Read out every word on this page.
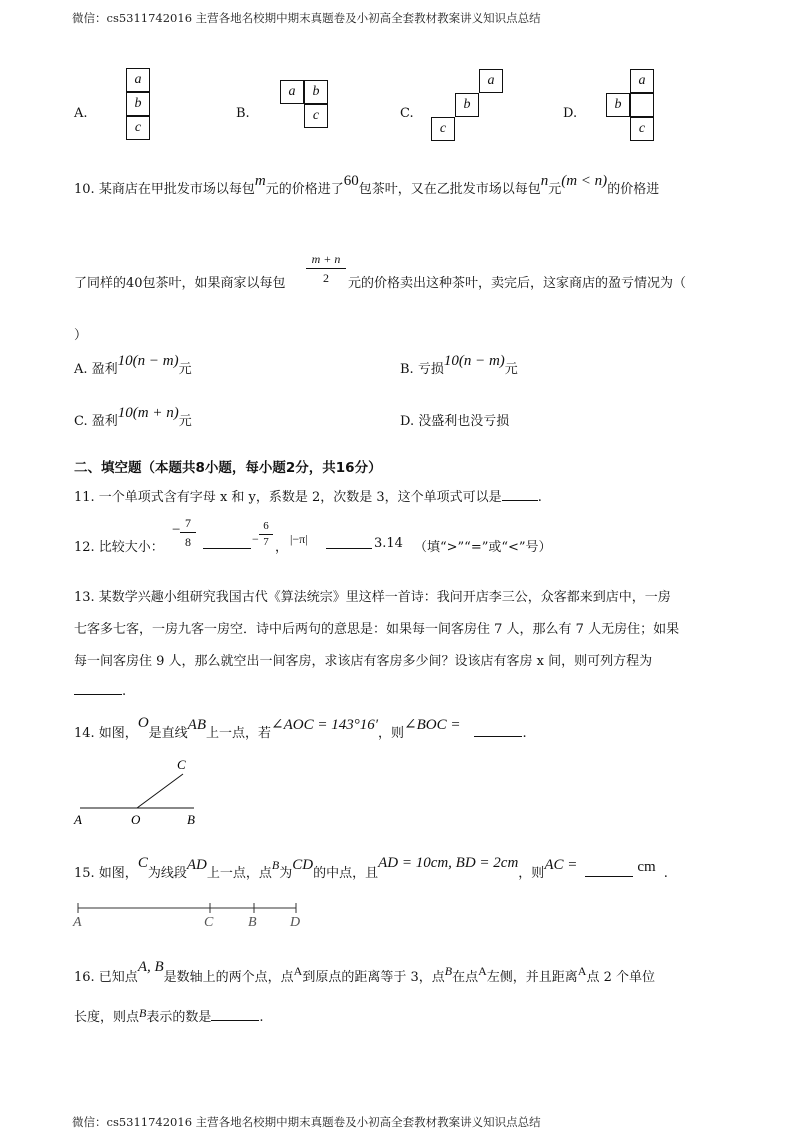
微信：cs5311742016 主营各地名校期中期末真题卷及小初高全套教材教案讲义知识点总结
A.
a
b
c
B.
a	b
c	C.
a
b
c
D.
a
b
c
10. 某商店在甲批发市场以每包m元的价格进了60包茶叶，又在乙批发市场以每包n元(m < n)的价格进
了同样的40包茶叶，如果商家以每包 $\frac{m + n}{2}$ 元的价格卖出这种茶叶，卖完后，这家商店的盈亏情况为（
）
A. 盈利10(n − m)元	B. 亏损10(n − m)元
C. 盈利10(m + n)元	D. 没盛利也没亏损
二、填空题（本题共8小题，每小题2分，共16分）
11. 一个单项式含有字母 x 和 y，系数是 2，次数是 3，这个单项式可以是	.
12. 比较大小：
− $\frac{7}{8}$	− $\frac{6}{7}$ ，
|−π|	3.14 （填“>”“=”或“<”号）
13. 某数学兴趣小组研究我国古代《算法统宗》里这样一首诗：我问开店李三公，众客都来到店中，一房
七客多七客，一房九客一房空．诗中后两句的意思是：如果每一间客房住 7 人，那么有 7 人无房住；如果
每一间客房住 9 人，那么就空出一间客房，求该店有客房多少间？设该店有客房 x 间，则可列方程为
.
14. 如图，O是直线AB上一点，若∠AOC = 143°16′，则∠BOC =.
A	O	B
C
15. 如图，C为线段AD上一点，点B为CD的中点，且AD = 10cm, BD = 2cm，则AC =	cm .
A	C B D
16. 已知点A, B是数轴上的两个点，点A到原点的距离等于 3，点B在点A左侧，并且距离A点 2 个单位
长度，则点B表示的数是	.
微信：cs5311742016 主营各地名校期中期末真题卷及小初高全套教材教案讲义知识点总结
